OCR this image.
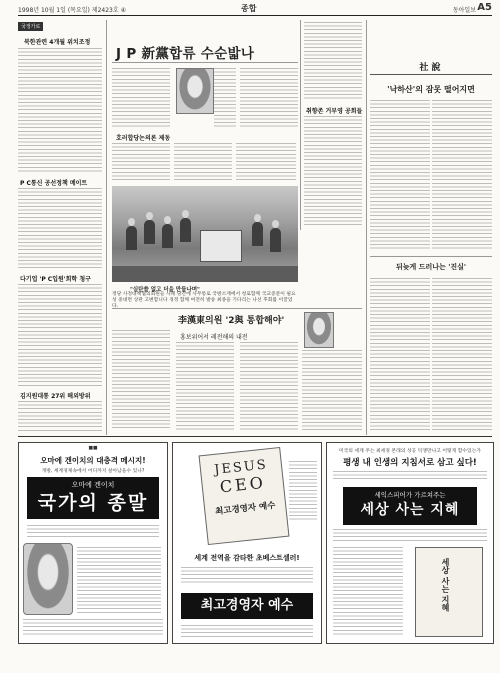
1998년 10월 1일 (목요일) 제2423호 ④	종합	동아일보 A5
국정가로
북한관련 4개월 위치조정
P C통신 공선정책 메이트
다기업 'P C입원'회학 청구
김지원대통 27위 해외방위
J P 新黨합류 수순밟나
호러합당논의론 제동
취향존 거부영 공회들
"실탄쓸 없고 더을 만들나며"
정당 사정대책협의회원들 사례 당간에 사무통로 국방소재에서 청로함께 국교증문이 필요성 중대면 상관 고변합니다 경정 함께 여전히 발송 최종을 기다리는 나선 후회를 이끌었다.
李漢東의원 '2與 통합해야'
홍보위어서 레전해의 내전
社 說
'낙하산'의 잠못 떨어지면
뒤늦게 드러나는 '진실'
■■
오마에 겐이치의 대충격 메시지!
개방, 세계경제속에서 어디까지 살아남을수 있나?
오마에 겐이치
국가의 종말
JESUS
CEO
최고경영자 예수
세계 전역을 감타한 초베스트셀러!
최고경영자 예수
미국의 세계 주는 최세경 본래의 성공 덕쟁만나고 어떻게 할수있는가
평생 내 인생의 지침서로 삼고 싶다!
세익스피어가 가르쳐주는
세상 사는 지혜
세상 사는 지혜
